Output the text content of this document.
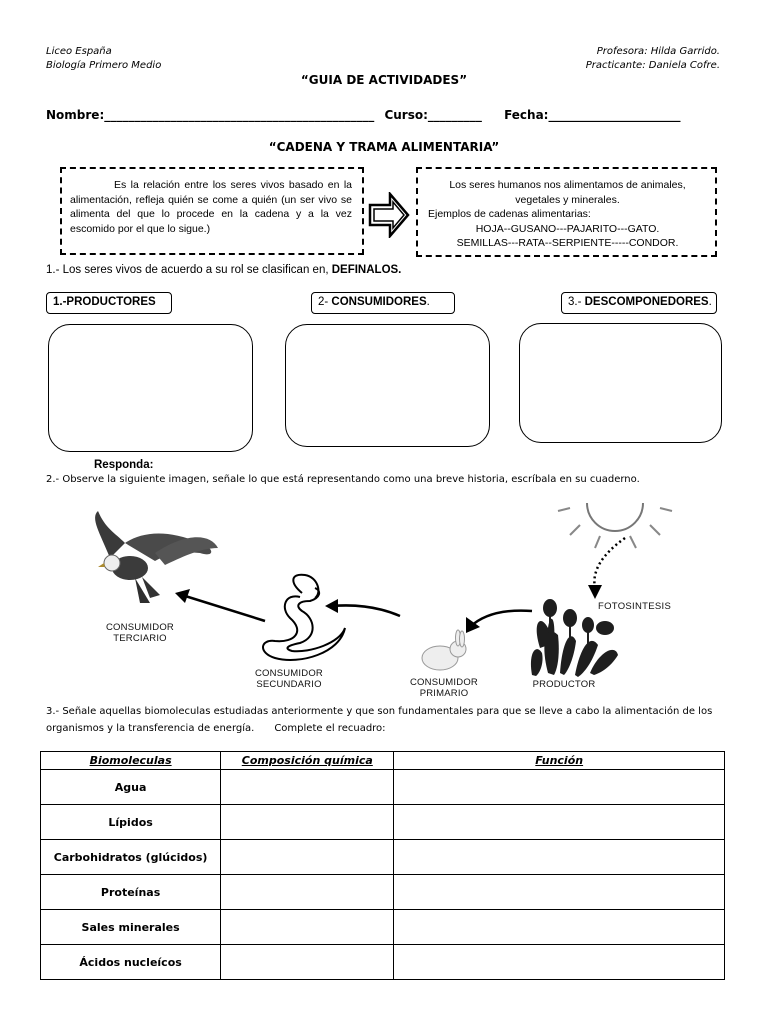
Liceo España
Biología Primero Medio
Profesora: Hilda Garrido.
Practicante: Daniela Cofre.
“GUIA DE ACTIVIDADES”
Nombre:_____________________________________________ Curso:_________ Fecha:______________________
“CADENA Y TRAMA ALIMENTARIA”
Es la relación entre los seres vivos basado en la alimentación, refleja quién se come a quién (un ser vivo se alimenta del que lo procede en la cadena y a la vez escomido por el que lo sigue.)
Los seres humanos nos alimentamos de animales, vegetales y minerales.
Ejemplos de cadenas alimentarias:
HOJA--GUSANO---PAJARITO---GATO.
SEMILLAS---RATA--SERPIENTE-----CONDOR.
1.- Los seres vivos de acuerdo a su rol se clasifican en, DEFINALOS.
1.-PRODUCTORES	2- CONSUMIDORES.	3.- DESCOMPONEDORES.
Responda:
2.- Observe la siguiente imagen, señale lo que está representando como una breve historia, escríbala en su cuaderno.
FOTOSINTESIS
CONSUMIDOR
TERCIARIO
CONSUMIDOR
SECUNDARIO	CONSUMIDOR
PRIMARIO
PRODUCTOR
3.- Señale aquellas biomoleculas estudiadas anteriormente y que son fundamentales para que se lleve a cabo la alimentación de los organismos y la transferencia de energía. Complete el recuadro:
Biomoleculas	Composición química	Función
Agua		
Lípidos		
Carbohidratos (glúcidos)		
Proteínas		
Sales minerales		
Ácidos nucleícos		
